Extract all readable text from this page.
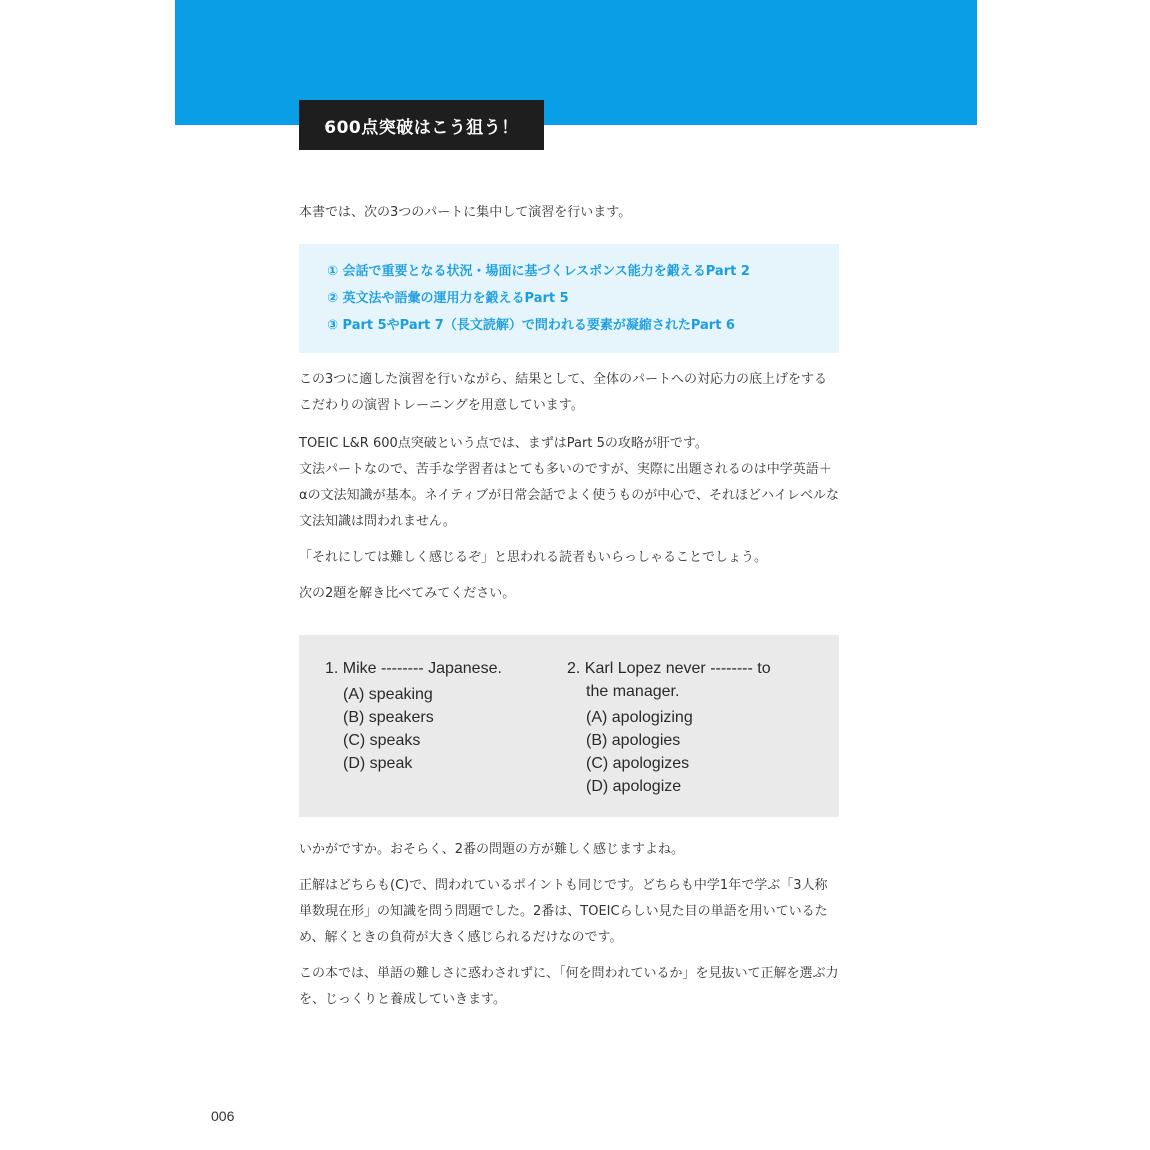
600点突破はこう狙う！

本書では、次の3つのパートに集中して演習を行います。

① 会話で重要となる状況・場面に基づくレスポンス能力を鍛えるPart 2
② 英文法や語彙の運用力を鍛えるPart 5
③ Part 5やPart 7（長文読解）で問われる要素が凝縮されたPart 6

この3つに適した演習を行いながら、結果として、全体のパートへの対応力の底上げをするこだわりの演習トレーニングを用意しています。

TOEIC L&R 600点突破という点では、まずはPart 5の攻略が肝です。

文法パートなので、苦手な学習者はとても多いのですが、実際に出題されるのは中学英語＋αの文法知識が基本。ネイティブが日常会話でよく使うものが中心で、それほどハイレベルな文法知識は問われません。

「それにしては難しく感じるぞ」と思われる読者もいらっしゃることでしょう。

次の2題を解き比べてみてください。

1. Mike -------- Japanese.
(A) speaking
(B) speakers
(C) speaks
(D) speak
2. Karl Lopez never -------- to
the manager.
(A) apologizing
(B) apologies
(C) apologizes
(D) apologize

いかがですか。おそらく、2番の問題の方が難しく感じますよね。

正解はどちらも(C)で、問われているポイントも同じです。どちらも中学1年で学ぶ「3人称単数現在形」の知識を問う問題でした。2番は、TOEICらしい見た目の単語を用いているため、解くときの負荷が大きく感じられるだけなのです。

この本では、単語の難しさに惑わされずに、「何を問われているか」を見抜いて正解を選ぶ力を、じっくりと養成していきます。

006
